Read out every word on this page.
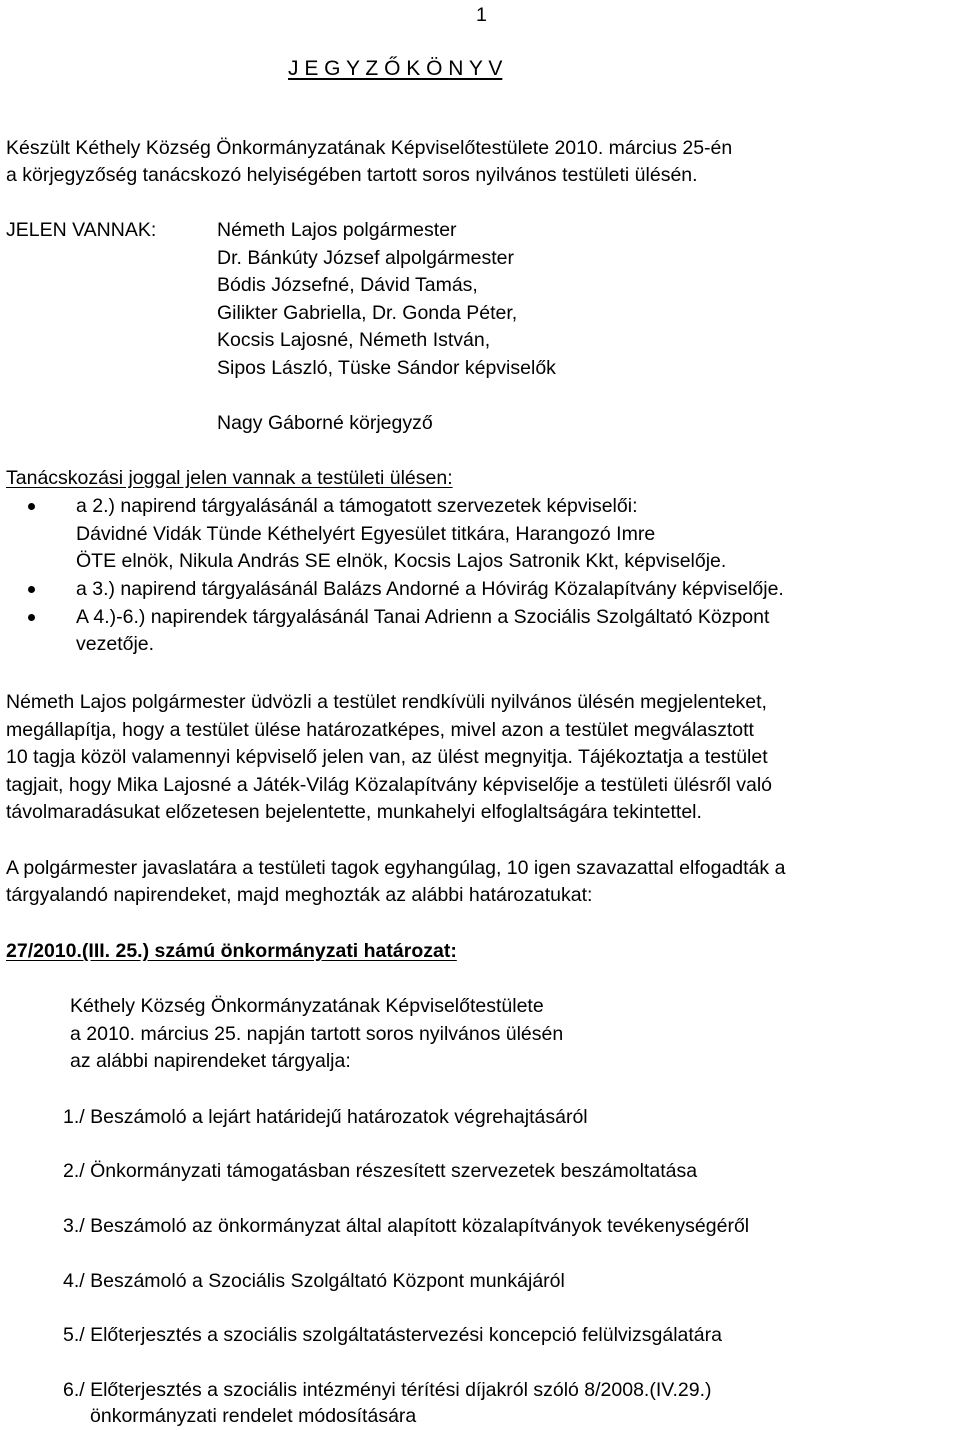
1
J E G Y Z Ő K Ö N Y V
Készült Kéthely Község Önkormányzatának Képviselőtestülete 2010. március 25-én
a körjegyzőség tanácskozó helyiségében tartott soros nyilvános testületi ülésén.
JELEN VANNAK:	Németh Lajos polgármester
Dr. Bánkúty József alpolgármester
Bódis Józsefné, Dávid Tamás,
Gilikter Gabriella, Dr. Gonda Péter,
Kocsis Lajosné, Németh István,
Sipos László, Tüske Sándor képviselők
Nagy Gáborné körjegyző
Tanácskozási joggal jelen vannak a testületi ülésen:
a 2.) napirend tárgyalásánál a támogatott szervezetek képviselői:
Dávidné Vidák Tünde Kéthelyért Egyesület titkára, Harangozó Imre
ÖTE elnök, Nikula András SE elnök, Kocsis Lajos Satronik Kkt, képviselője.
a 3.) napirend tárgyalásánál Balázs Andorné a Hóvirág Közalapítvány képviselője.
A 4.)-6.) napirendek tárgyalásánál Tanai Adrienn a Szociális Szolgáltató Központ
vezetője.
Németh Lajos polgármester üdvözli a testület rendkívüli nyilvános ülésén megjelenteket,
megállapítja, hogy a testület ülése határozatképes, mivel azon a testület megválasztott
10 tagja közöl valamennyi képviselő jelen van, az ülést megnyitja. Tájékoztatja a testület
tagjait, hogy Mika Lajosné a Játék-Világ Közalapítvány képviselője a testületi ülésről való
távolmaradásukat előzetesen bejelentette, munkahelyi elfoglaltságára tekintettel.
A polgármester javaslatára a testületi tagok egyhangúlag, 10 igen szavazattal elfogadták a
tárgyalandó napirendeket, majd meghozták az alábbi határozatukat:
27/2010.(III. 25.) számú önkormányzati határozat:
Kéthely Község Önkormányzatának Képviselőtestülete
a 2010. március 25. napján tartott soros nyilvános ülésén
az alábbi napirendeket tárgyalja:
1./ Beszámoló a lejárt határidejű határozatok végrehajtásáról
2./ Önkormányzati támogatásban részesített szervezetek beszámoltatása
3./ Beszámoló az önkormányzat által alapított közalapítványok tevékenységéről
4./ Beszámoló a Szociális Szolgáltató Központ munkájáról
5./ Előterjesztés a szociális szolgáltatástervezési koncepció felülvizsgálatára
6./ Előterjesztés a szociális intézményi térítési díjakról szóló 8/2008.(IV.29.)
önkormányzati rendelet módosítására
